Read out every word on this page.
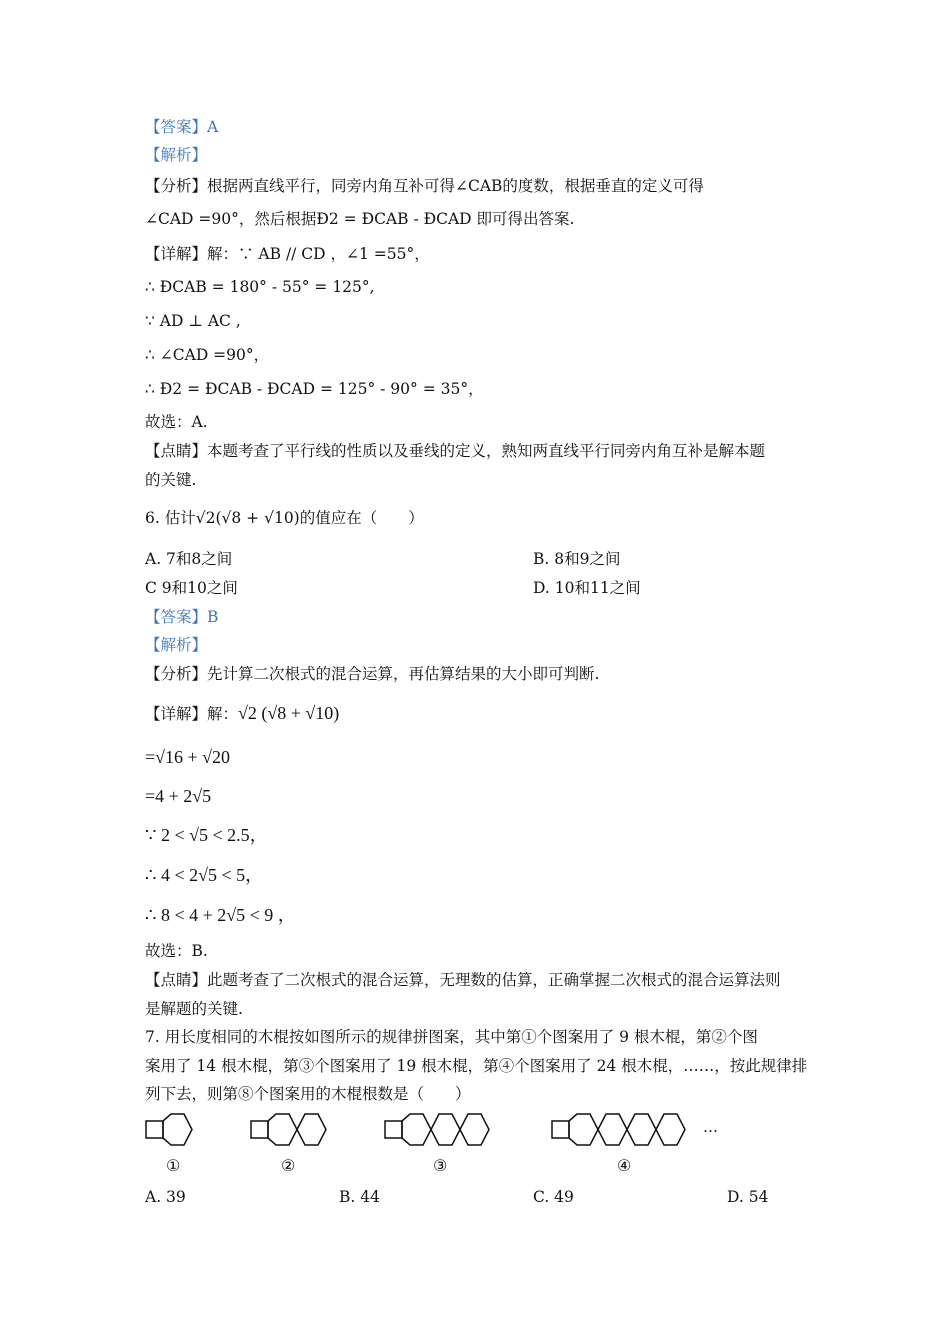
【答案】A
【解析】
【分析】根据两直线平行，同旁内角互补可得∠CAB的度数，根据垂直的定义可得
∠CAD =90°，然后根据Ð2 = ÐCAB - ÐCAD 即可得出答案.
【详解】解：∵ AB // CD ，∠1 =55°，
∴ ÐCAB = 180° - 55° = 125°,
∵ AD ⊥ AC ,
∴ ∠CAD =90°，
∴ Ð2 = ÐCAB - ÐCAD = 125° - 90° = 35°，
故选：A.
【点睛】本题考查了平行线的性质以及垂线的定义，熟知两直线平行同旁内角互补是解本题
的关键.
6. 估计√2(√8 + √10)的值应在（　　）
A. 7和8之间	B. 8和9之间
C 9和10之间	D. 10和11之间
【答案】B
【解析】
【分析】先计算二次根式的混合运算，再估算结果的大小即可判断.
【详解】解：√2 (√8 + √10)
=√16 + √20
=4 + 2√5
∵ 2 < √5 < 2.5，
∴ 4 < 2√5 < 5，
∴ 8 < 4 + 2√5 < 9 ，
故选：B.
【点睛】此题考查了二次根式的混合运算，无理数的估算，正确掌握二次根式的混合运算法则
是解题的关键.
7. 用长度相同的木棍按如图所示的规律拼图案，其中第①个图案用了 9 根木棍，第②个图
案用了 14 根木棍，第③个图案用了 19 根木棍，第④个图案用了 24 根木棍，……，按此规律排
列下去，则第⑧个图案用的木棍根数是（　　）
…
①	②	③	④
A. 39	B. 44	C. 49	D. 54
